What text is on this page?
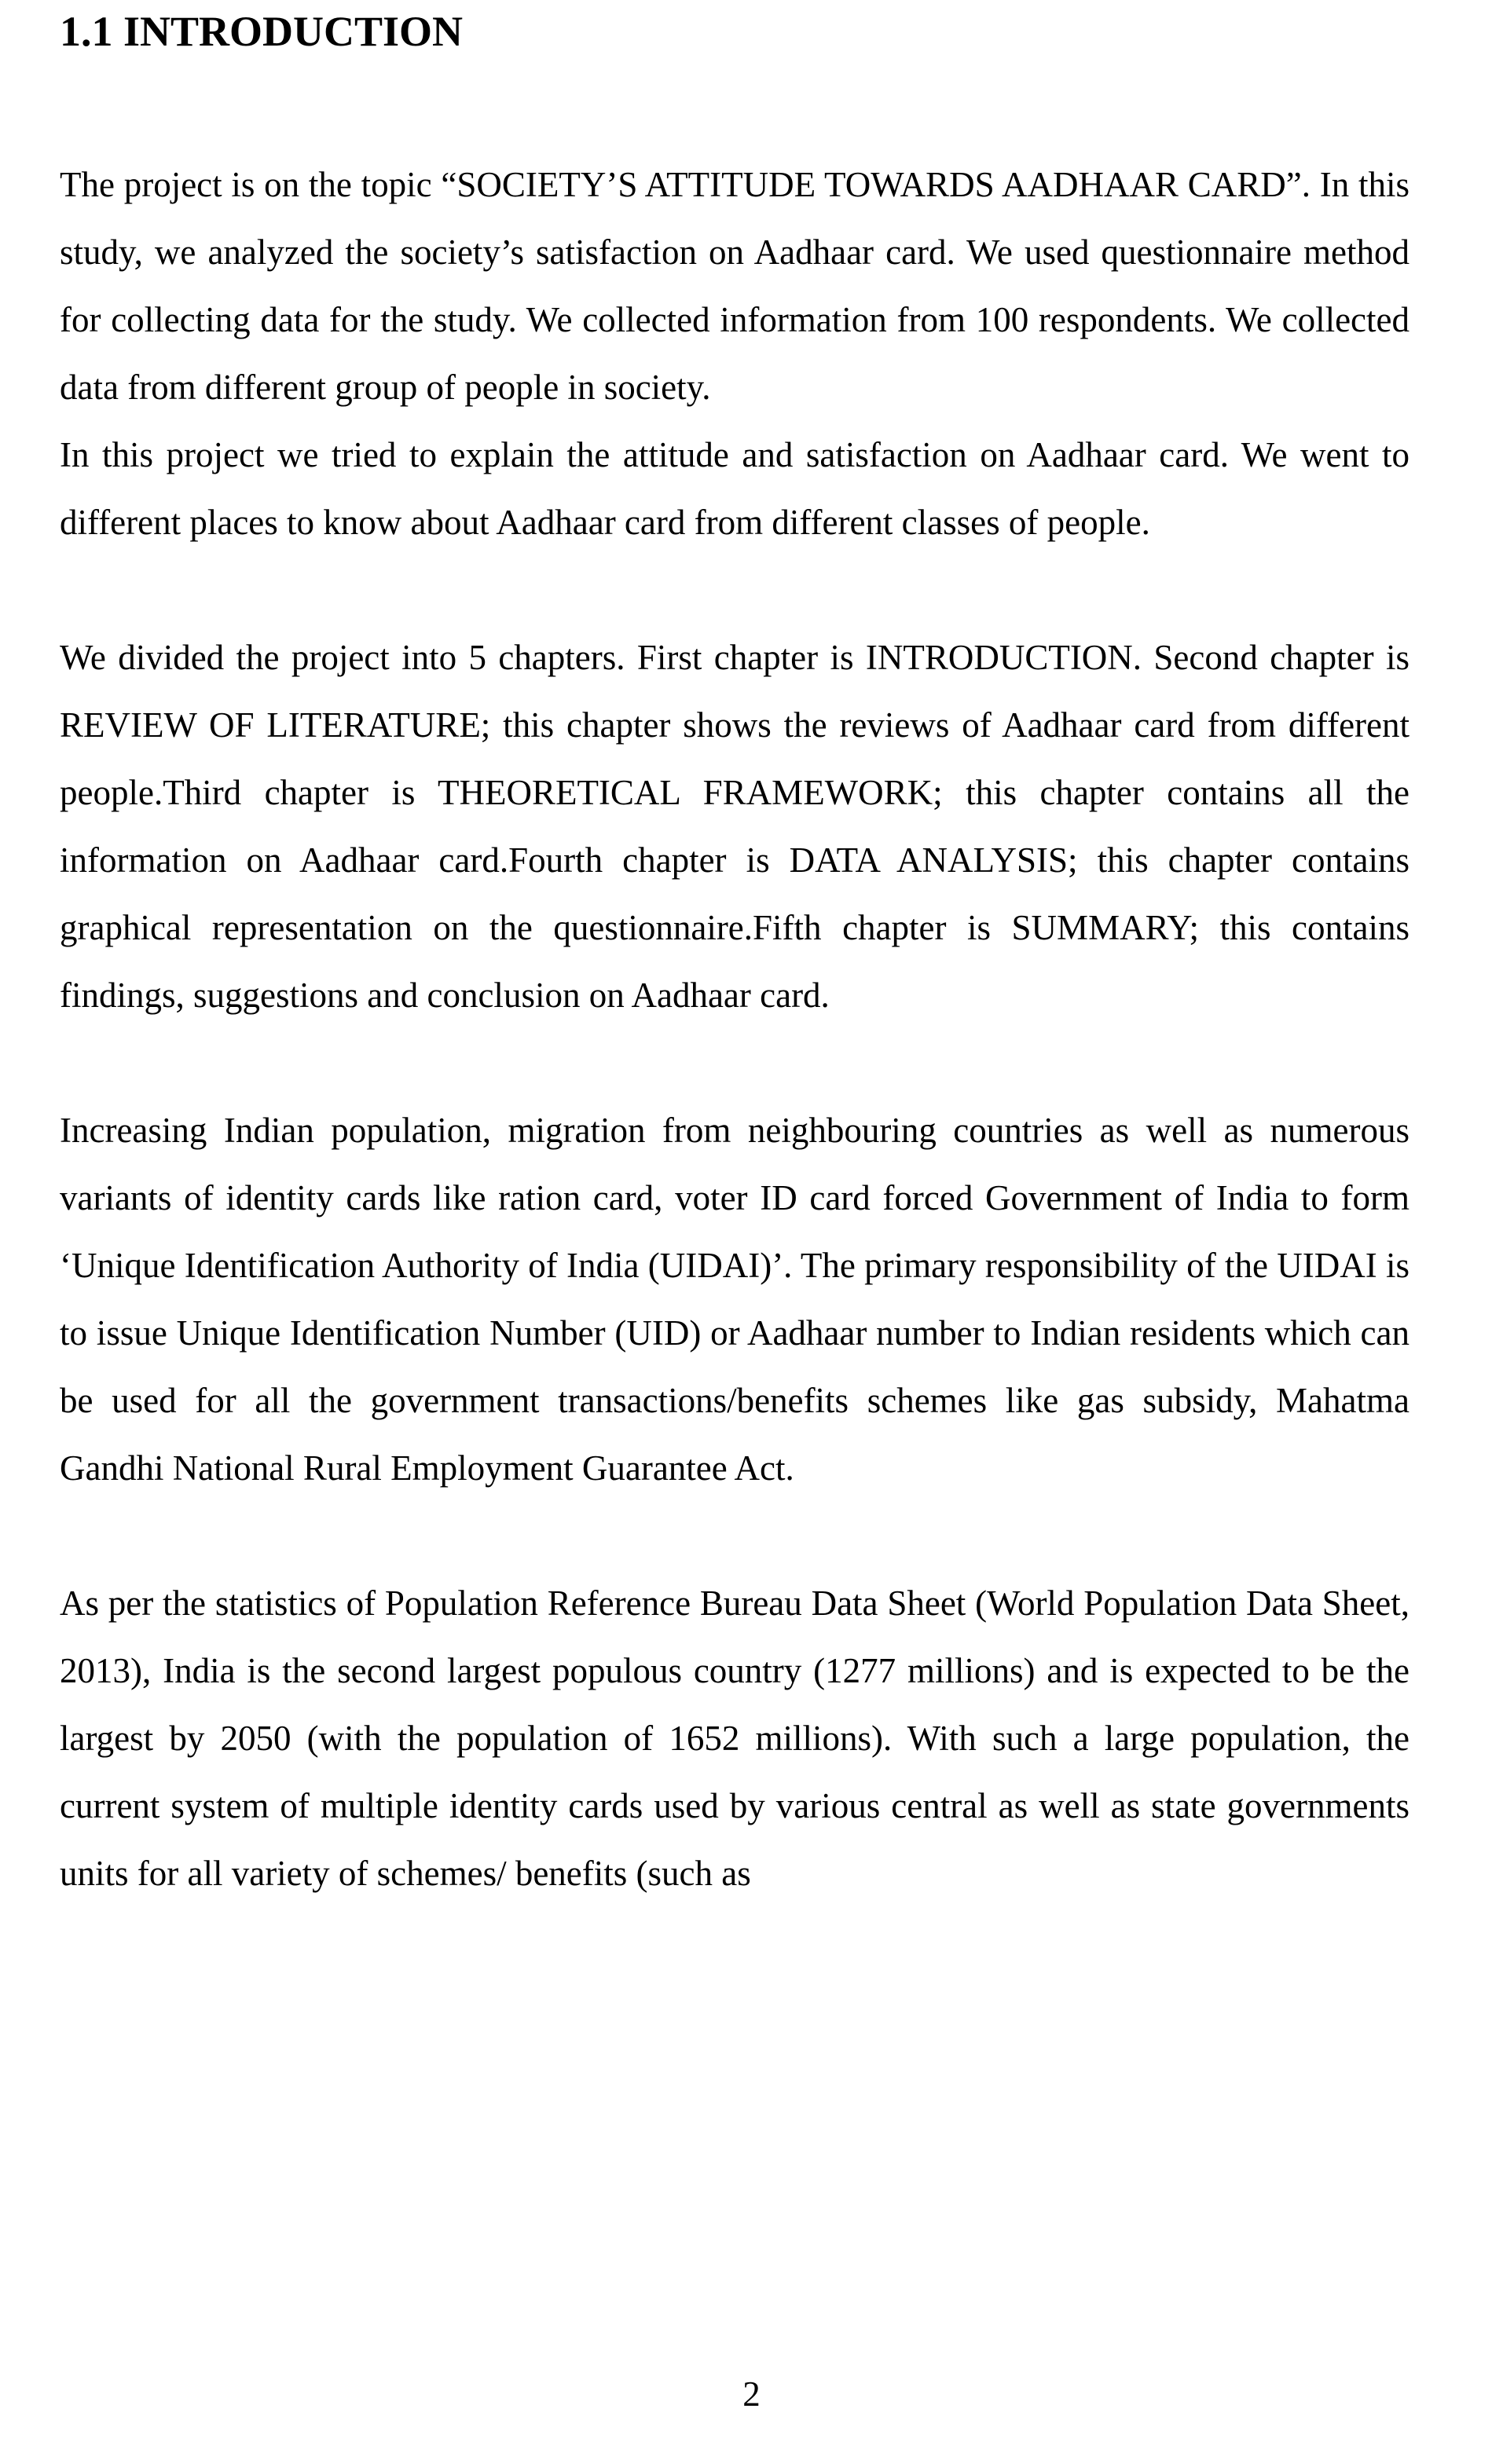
1.1 INTRODUCTION

The project is on the topic “SOCIETY’S ATTITUDE TOWARDS AADHAAR CARD”. In this study, we analyzed the society’s satisfaction on Aadhaar card. We used questionnaire method for collecting data for the study. We collected information from 100 respondents. We collected data from different group of people in society.

In this project we tried to explain the attitude and satisfaction on Aadhaar card. We went to different places to know about Aadhaar card from different classes of people.

We divided the project into 5 chapters. First chapter is INTRODUCTION. Second chapter is REVIEW OF LITERATURE; this chapter shows the reviews of Aadhaar card from different people.Third chapter is THEORETICAL FRAMEWORK; this chapter contains all the information on Aadhaar card.Fourth chapter is DATA ANALYSIS; this chapter contains graphical representation on the questionnaire.Fifth chapter is SUMMARY; this contains findings, suggestions and conclusion on Aadhaar card.

Increasing Indian population, migration from neighbouring countries as well as numerous variants of identity cards like ration card, voter ID card forced Government of India to form ‘Unique Identification Authority of India (UIDAI)’. The primary responsibility of the UIDAI is to issue Unique Identification Number (UID) or Aadhaar number to Indian residents which can be used for all the government transactions/benefits schemes like gas subsidy, Mahatma Gandhi National Rural Employment Guarantee Act.

As per the statistics of Population Reference Bureau Data Sheet (World Population Data Sheet, 2013), India is the second largest populous country (1277 millions) and is expected to be the largest by 2050 (with the population of 1652 millions). With such a large population, the current system of multiple identity cards used by various central as well as state governments units for all variety of schemes/ benefits (such as

2
